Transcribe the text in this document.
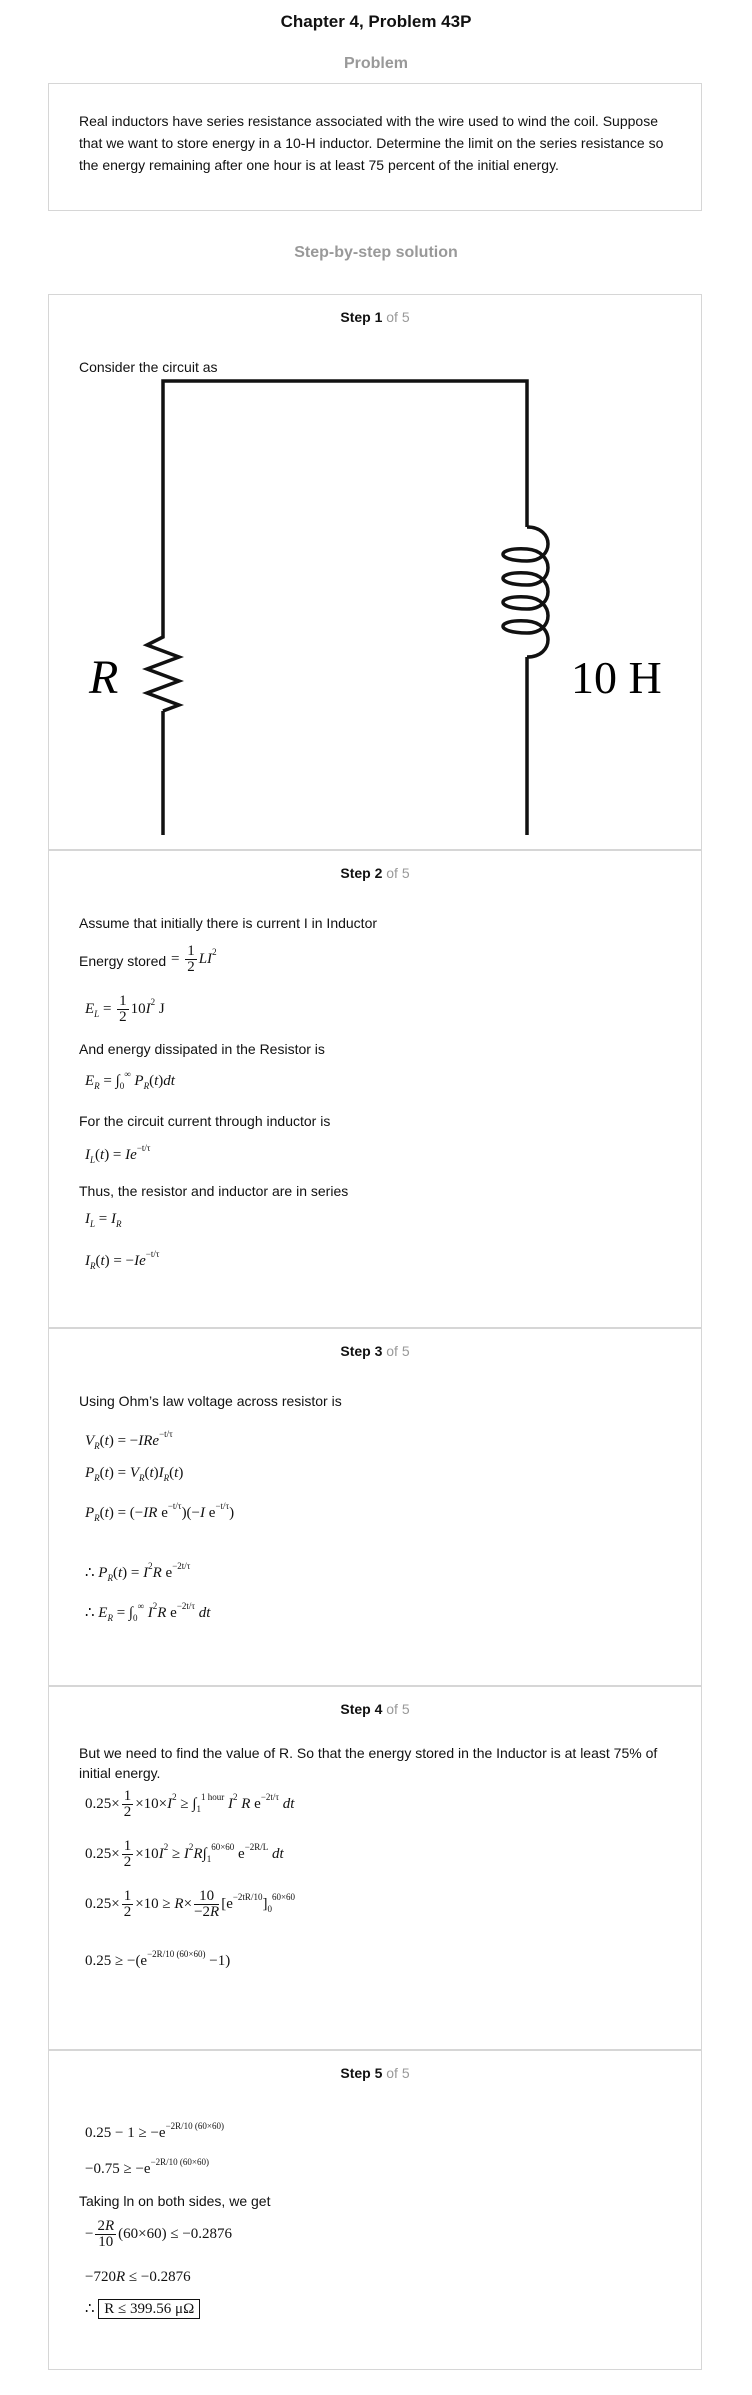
Chapter 4, Problem 43P
Problem
Real inductors have series resistance associated with the wire used to wind the coil. Suppose that we want to store energy in a 10-H inductor. Determine the limit on the series resistance so the energy remaining after one hour is at least 75 percent of the initial energy.
Step-by-step solution
Step 1 of 5
Consider the circuit as
R	10 H
Step 2 of 5
Assume that initially there is current I in Inductor
Energy stored = $\frac{1}{2} LI^2$
$E_L = \frac{1}{2} 10I^2$ J
And energy dissipated in the Resistor is
$E_R = \int_0^\infty$ $P_R(t)dt$
For the circuit current through inductor is
$I_L(t) = Ie^{-t/\tau}$
Thus, the resistor and inductor are in series
$I_L = I_R$
$I_R(t) = -Ie^{-t/\tau}$
Step 3 of 5
Using Ohm’s law voltage across resistor is
$V_R(t) = -IRe^{-t/\tau}$
$P_R(t) = V_R(t)I_R(t)$
$P_R(t) = (-IR$ $e^{-t/\tau})(-I$ $e^{-t/\tau}$)
∴ $P_R(t) = I^2R$ $e^{-2t/\tau}$
∴ $E_R = \int_0^\infty$ $I^2R$ $e^{-2t/\tau}$ dt
Step 4 of 5
But we need to find the value of R. So that the energy stored in the Inductor is at least 75% of initial energy.
$0.25\times \frac{1}{2} \times 10\times I^2 \ge \int_1^{1 hour}$ $I^2$ R $e^{-2t/\tau}$ dt
$0.25\times \frac{1}{2} \times 10I^2 \ge I^2R\int_1^{60\times 60}$ $e^{-2R/L}$ dt
$0.25\times \frac{1}{2} \times 10 \ge R\times \frac{10}{-2R} [e^{-2tR/10}]_0^{60\times 60}$
$0.25 \ge -(e^{-2R/10 (60\times 60)} -1)$
Step 5 of 5
$0.25 - 1 \ge -e^{-2R/10 (60\times 60)}$
$-0.75 \ge -e^{-2R/10 (60\times 60)}$
Taking ln on both sides, we get
− $\frac{2R}{10} (60\times 60) \le -0.2876$
−720R ≤ −0.2876
∴ R ≤ 399.56 μΩ
